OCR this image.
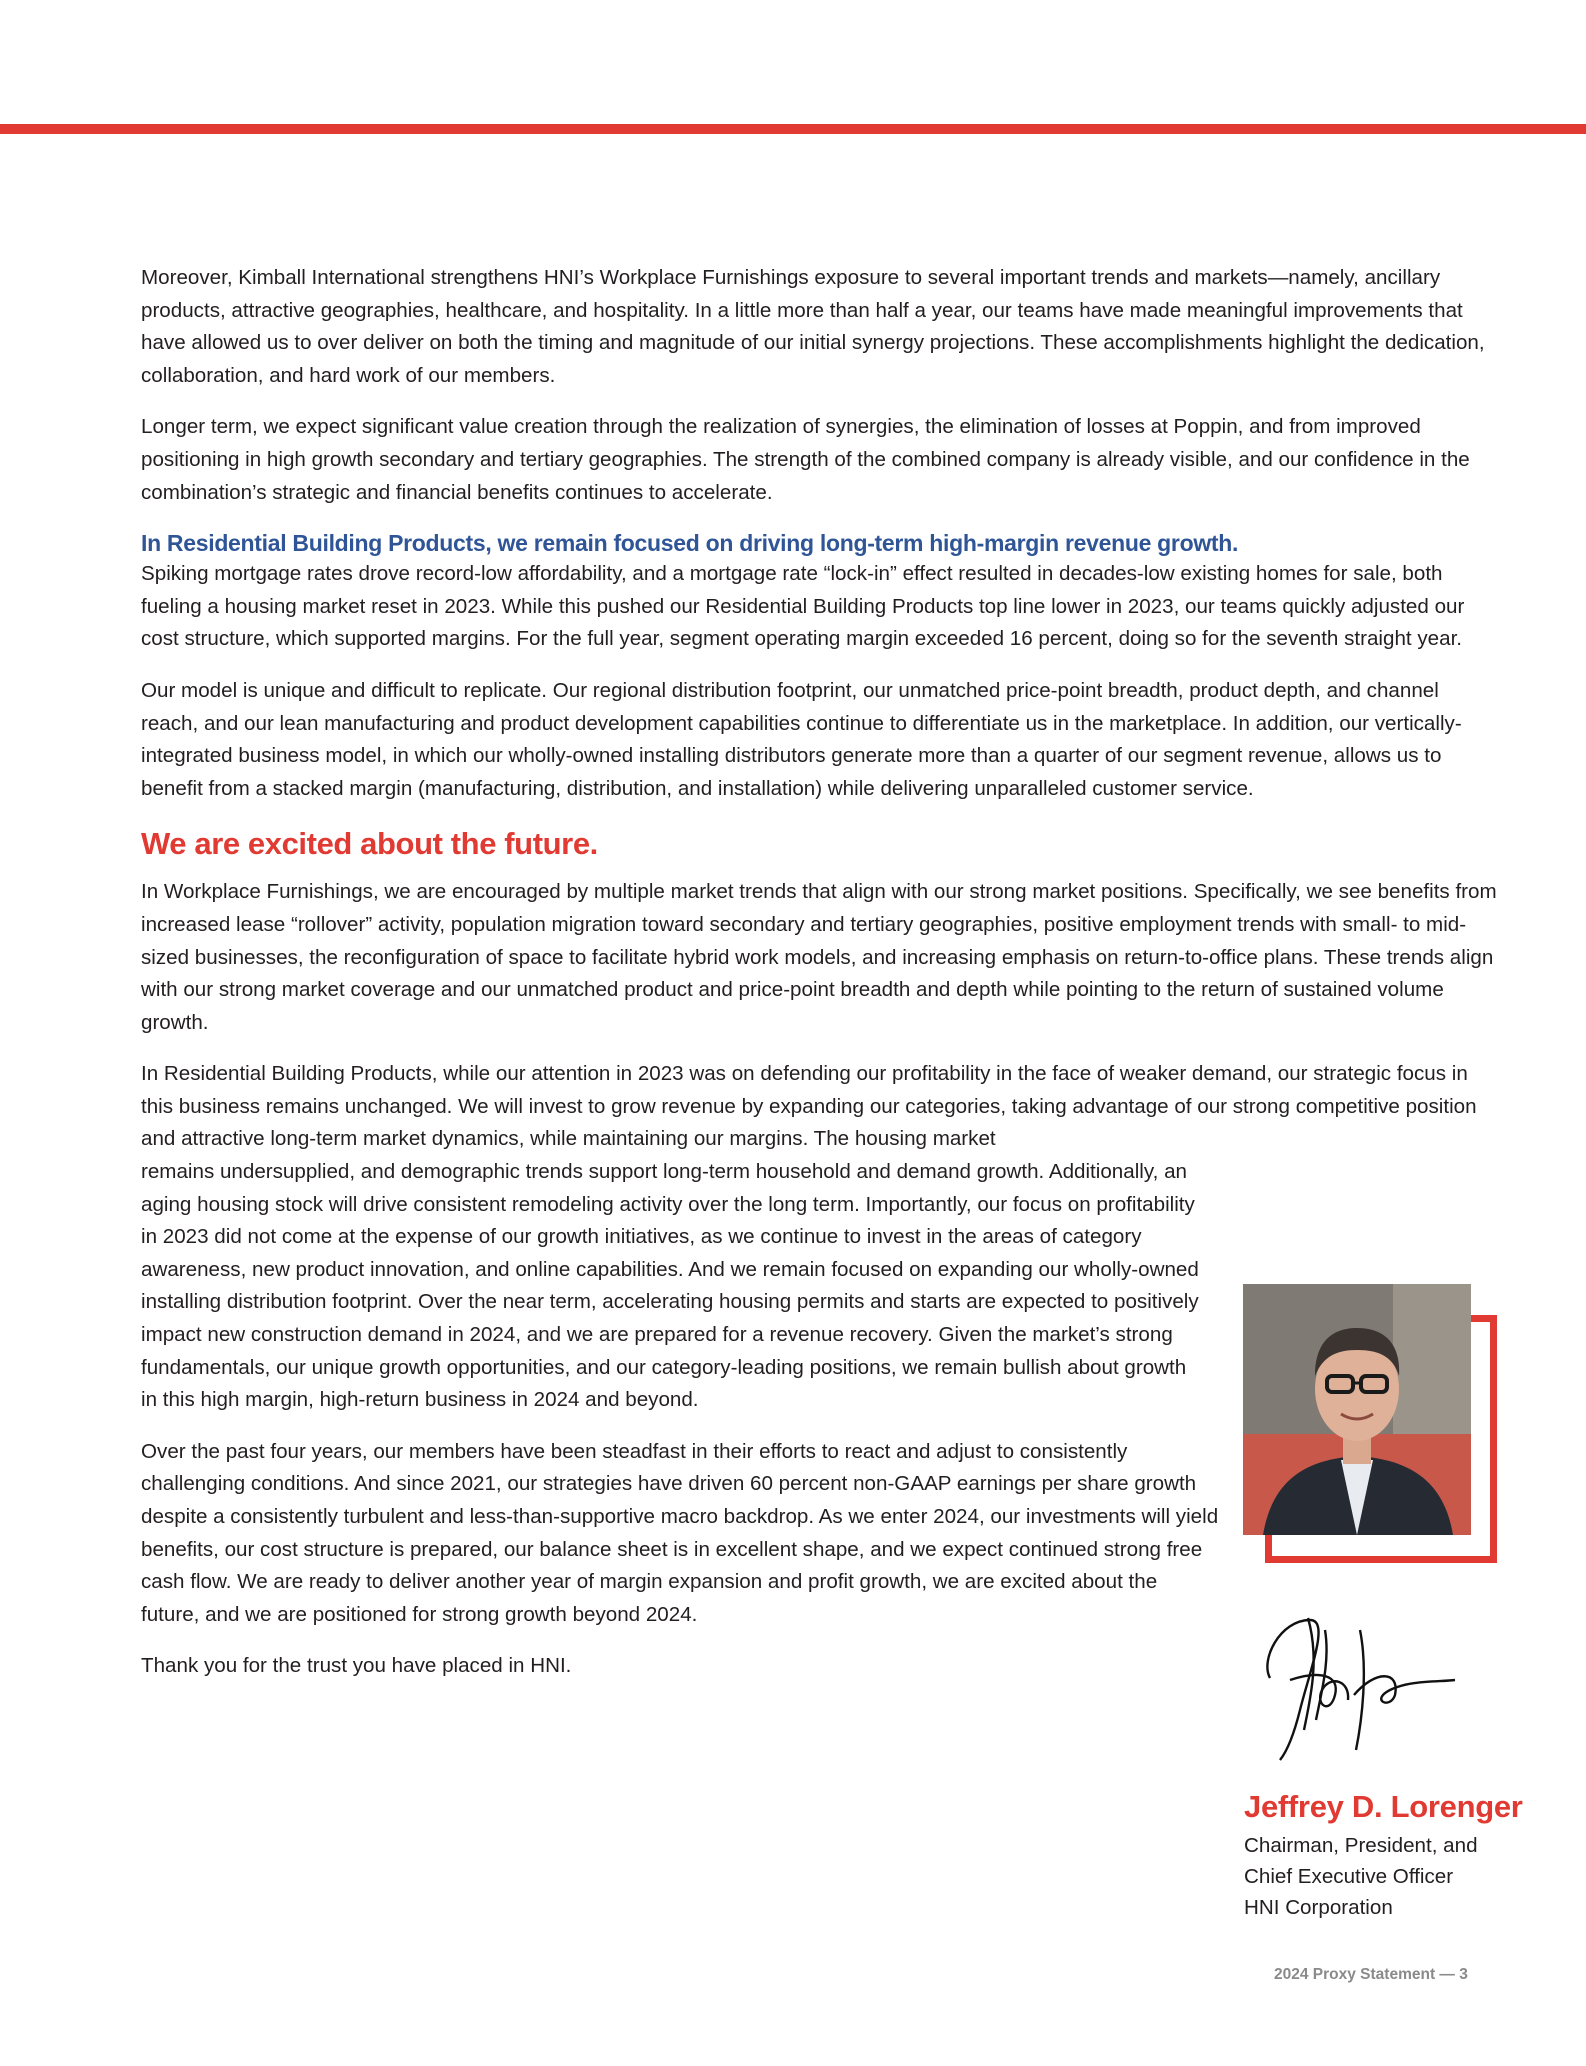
Moreover, Kimball International strengthens HNI’s Workplace Furnishings exposure to several important trends and markets—namely, ancillary products, attractive geographies, healthcare, and hospitality. In a little more than half a year, our teams have made meaningful improvements that have allowed us to over deliver on both the timing and magnitude of our initial synergy projections. These accomplishments highlight the dedication, collaboration, and hard work of our members.

Longer term, we expect significant value creation through the realization of synergies, the elimination of losses at Poppin, and from improved positioning in high growth secondary and tertiary geographies. The strength of the combined company is already visible, and our confidence in the combination’s strategic and financial benefits continues to accelerate.

In Residential Building Products, we remain focused on driving long-term high-margin revenue growth.

Spiking mortgage rates drove record-low affordability, and a mortgage rate “lock-in” effect resulted in decades-low existing homes for sale, both fueling a housing market reset in 2023. While this pushed our Residential Building Products top line lower in 2023, our teams quickly adjusted our cost structure, which supported margins. For the full year, segment operating margin exceeded 16 percent, doing so for the seventh straight year.

Our model is unique and difficult to replicate. Our regional distribution footprint, our unmatched price-point breadth, product depth, and channel reach, and our lean manufacturing and product development capabilities continue to differentiate us in the marketplace. In addition, our vertically-integrated business model, in which our wholly-owned installing distributors generate more than a quarter of our segment revenue, allows us to benefit from a stacked margin (manufacturing, distribution, and installation) while delivering unparalleled customer service.

We are excited about the future.

In Workplace Furnishings, we are encouraged by multiple market trends that align with our strong market positions. Specifically, we see benefits from increased lease “rollover” activity, population migration toward secondary and tertiary geographies, positive employment trends with small- to mid-sized businesses, the reconfiguration of space to facilitate hybrid work models, and increasing emphasis on return-to-office plans. These trends align with our strong market coverage and our unmatched product and price-point breadth and depth while pointing to the return of sustained volume growth.

In Residential Building Products, while our attention in 2023 was on defending our profitability in the face of weaker demand, our strategic focus in this business remains unchanged. We will invest to grow revenue by expanding our categories, taking advantage of our strong competitive position and attractive long-term market dynamics, while maintaining our margins. The housing market
remains undersupplied, and demographic trends support long-term household and demand growth. Additionally, an aging housing stock will drive consistent remodeling activity over the long term. Importantly, our focus on profitability in 2023 did not come at the expense of our growth initiatives, as we continue to invest in the areas of category awareness, new product innovation, and online capabilities. And we remain focused on expanding our wholly-owned installing distribution footprint. Over the near term, accelerating housing permits and starts are expected to positively impact new construction demand in 2024, and we are prepared for a revenue recovery. Given the market’s strong fundamentals, our unique growth opportunities, and our category-leading positions, we remain bullish about growth in this high margin, high-return business in 2024 and beyond.

Over the past four years, our members have been steadfast in their efforts to react and adjust to consistently challenging conditions. And since 2021, our strategies have driven 60 percent non-GAAP earnings per share growth despite a consistently turbulent and less-than-supportive macro backdrop. As we enter 2024, our investments will yield benefits, our cost structure is prepared, our balance sheet is in excellent shape, and we expect continued strong free cash flow. We are ready to deliver another year of margin expansion and profit growth, we are excited about the future, and we are positioned for strong growth beyond 2024.

Thank you for the trust you have placed in HNI.

Jeffrey D. Lorenger
Chairman, President, and
Chief Executive Officer
HNI Corporation
2024 Proxy Statement — 3
